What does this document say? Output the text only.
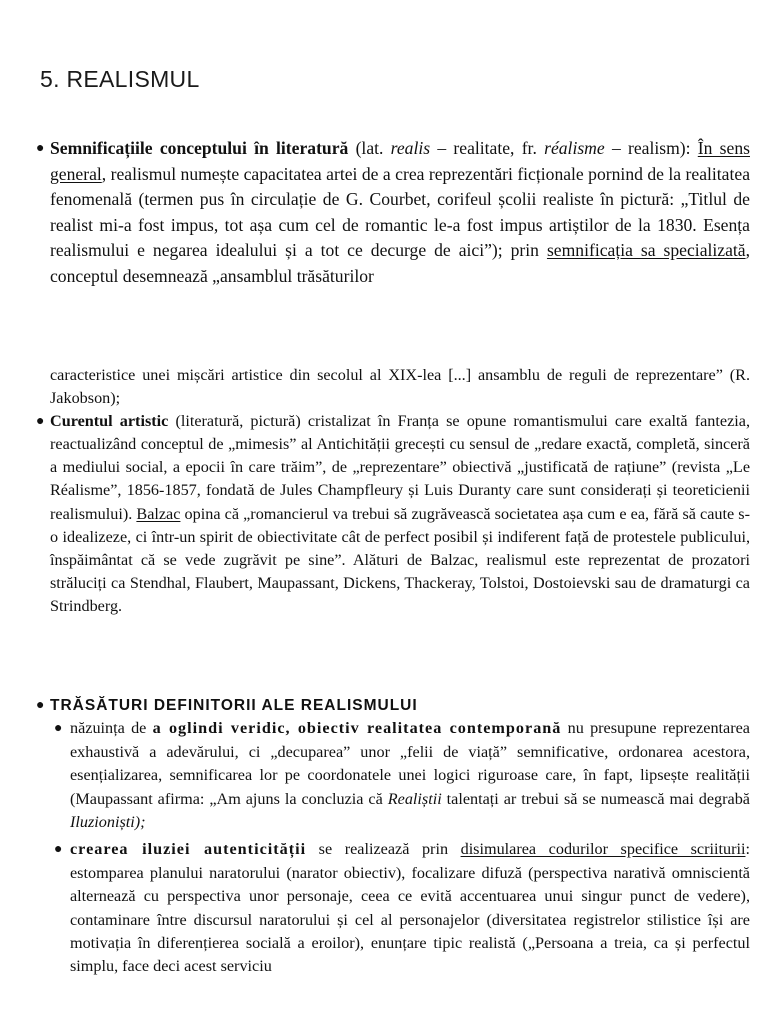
5. REALISMUL
● Semnificațiile conceptului în literatură (lat. realis – realitate, fr. réalisme – realism): În sens general, realismul numește capacitatea artei de a crea reprezentări ficționale pornind de la realitatea fenomenală (termen pus în circulație de G. Courbet, corifeul școlii realiste în pictură: „Titlul de realist mi-a fost impus, tot așa cum cel de romantic le-a fost impus artiștilor de la 1830. Esența realismului e negarea idealului și a tot ce decurge de aici”); prin semnificația sa specializată, conceptul desemnează „ansamblul trăsăturilor

caracteristice unei mișcări artistice din secolul al XIX-lea [...] ansamblu de reguli de reprezentare” (R. Jakobson);

● Curentul artistic (literatură, pictură) cristalizat în Franța se opune romantismului care exaltă fantezia, reactualizând conceptul de „mimesis” al Antichității grecești cu sensul de „redare exactă, completă, sinceră a mediului social, a epocii în care trăim”, de „reprezentare” obiectivă „justificată de rațiune” (revista „Le Réalisme”, 1856-1857, fondată de Jules Champfleury și Luis Duranty care sunt considerați și teoreticienii realismului). Balzac opina că „romancierul va trebui să zugrăvească societatea așa cum e ea, fără să caute s-o idealizeze, ci într-un spirit de obiectivitate cât de perfect posibil și indiferent față de protestele publicului, înspăimântat că se vede zugrăvit pe sine”. Alături de Balzac, realismul este reprezentat de prozatori străluciți ca Stendhal, Flaubert, Maupassant, Dickens, Thackeray, Tolstoi, Dostoievski sau de dramaturgi ca Strindberg.

● TRĂSĂTURI DEFINITORII ALE REALISMULUI

● năzuința de a oglindi veridic, obiectiv realitatea contemporană nu presupune reprezentarea exhaustivă a adevărului, ci „decuparea” unor „felii de viață” semnificative, ordonarea acestora, esențializarea, semnificarea lor pe coordonatele unei logici riguroase care, în fapt, lipsește realității (Maupassant afirma: „Am ajuns la concluzia că Realiștii talentați ar trebui să se numească mai degrabă Iluzioniști);

● crearea iluziei autenticității se realizează prin disimularea codurilor specifice scriiturii: estomparea planului naratorului (narator obiectiv), focalizare difuză (perspectiva narativă omniscientă alternează cu perspectiva unor personaje, ceea ce evită accentuarea unui singur punct de vedere), contaminare între discursul naratorului și cel al personajelor (diversitatea registrelor stilistice își are motivația în diferențierea socială a eroilor), enunțare tipic realistă („Persoana a treia, ca și perfectul simplu, face deci acest serviciu
